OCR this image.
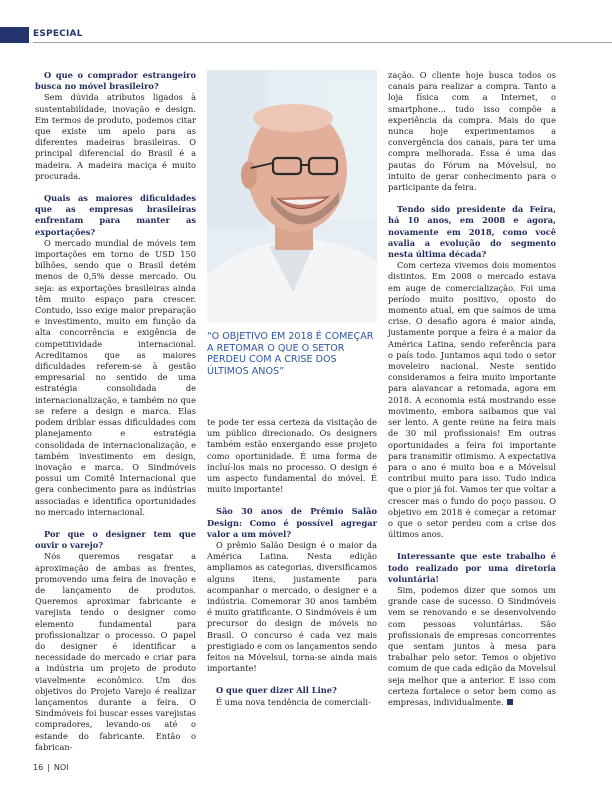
ESPECIAL

O que o comprador estrangeiro busca no móvel brasileiro?

Sem dúvida atributos ligados à sustentabilidade, inovação e design. Em termos de produto, podemos citar que existe um apelo para as diferentes madeiras brasileiras. O principal diferencial do Brasil é a madeira. A madeira maciça é muito procurada.

Quais as maiores dificuldades que as empresas brasileiras enfrentam para manter as exportações?

O mercado mundial de móveis tem importações em torno de USD 150 bilhões, sendo que o Brasil detém menos de 0,5% desse mercado. Ou seja: as exportações brasileiras ainda têm muito espaço para crescer. Contudo, isso exige maior preparação e investimento, muito em função da alta concorrência e exigência de competitividade internacional. Acreditamos que as maiores dificuldades referem-se à gestão empresarial no sentido de uma estratégia consolidada de internacionalização, e também no que se refere a design e marca. Elas podem driblar essas dificuldades com planejamento e estratégia consolidada de internacionalização, e também investimento em design, inovação e marca. O Sindmóveis possui um Comitê Internacional que gera conhecimento para as indústrias associadas e identifica oportunidades no mercado internacional.

Por que o designer tem que ouvir o varejo?

Nós queremos resgatar a aproximação de ambas as frentes, promovendo uma feira de inovação e de lançamento de produtos. Queremos aproximar fabricante e varejista tendo o designer como elemento fundamental para profissionalizar o processo. O papel do designer é identificar a necessidade do mercado e criar para a indústria um projeto de produto viavelmente econômico. Um dos objetivos do Projeto Varejo é realizar lançamentos durante a feira. O Sindmóveis foi buscar esses varejistas compradores, levando-os até o estande do fabricante. Então o fabrican-

“O OBJETIVO EM 2018 É COMEÇAR A RETOMAR O QUE O SETOR PERDEU COM A CRISE DOS ÚLTIMOS ANOS”

te pode ter essa certeza da visitação de um público direcionado. Os designers também estão enxergando esse projeto como oportunidade. É uma forma de incluí-los mais no processo. O design é um aspecto fundamental do móvel. É muito importante!

São 30 anos de Prêmio Salão Design: Como é possível agregar valor a um móvel?

O prêmio Salão Design é o maior da América Latina. Nesta edição ampliamos as categorias, diversificamos alguns itens, justamente para acompanhar o mercado, o designer e a indústria. Comemorar 30 anos também é muito gratificante. O Sindmóveis é um precursor do design de móveis no Brasil. O concurso é cada vez mais prestigiado e com os lançamentos sendo feitos na Móvelsul, torna-se ainda mais importante!

O que quer dizer All Line?

É uma nova tendência de comerciali-

zação. O cliente hoje busca todos os canais para realizar a compra. Tanto a loja física com a Internet, o smartphone... tudo isso compõe a experiência da compra. Mais do que nunca hoje experimentamos a convergência dos canais, para ter uma compra melhorada. Essa é uma das pautas do Fórum na Móvelsul, no intuito de gerar conhecimento para o participante da feira.

Tendo sido presidente da Feira, há 10 anos, em 2008 e agora, novamente em 2018, como você avalia a evolução do segmento nesta última década?

Com certeza vivemos dois momentos distintos. Em 2008 o mercado estava em auge de comercialização. Foi uma período muito positivo, oposto do momento atual, em que saímos de uma crise. O desafio agora é maior ainda, justamente porque a feira é a maior da América Latina, sendo referência para o país todo. Juntamos aqui todo o setor moveleiro nacional. Neste sentido consideramos a feira muito importante para alavancar a retomada, agora em 2018. A economia está mostrando esse movimento, embora saibamos que vai ser lento. A gente reúne na feira mais de 30 mil profissionais! Em outras oportunidades a feira foi importante para transmitir otimismo. A expectativa para o ano é muito boa e a Móvelsul contribui muito para isso. Tudo indica que o pior já foi. Vamos ter que voltar a crescer mas o fundo do poço passou. O objetivo em 2018 é começar a retomar o que o setor perdeu com a crise dos últimos anos.

Interessante que este trabalho é todo realizado por uma diretoria voluntária!

Sim, podemos dizer que somos um grande case de sucesso. O Sindmóveis vem se renovando e se desenvolvendo com pessoas voluntárias. São profissionais de empresas concorrentes que sentam juntos à mesa para trabalhar pelo setor. Temos o objetivo comum de que cada edição da Movelsul seja melhor que a anterior. E isso com certeza fortalece o setor bem como as empresas, individualmente.

16 | NOI
